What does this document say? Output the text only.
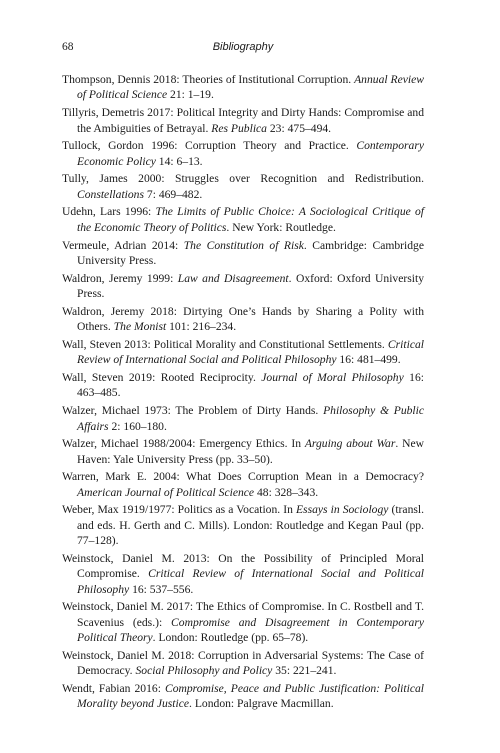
68	Bibliography

Thompson, Dennis 2018: Theories of Institutional Corruption. Annual Review of Political Science 21: 1–19.

Tillyris, Demetris 2017: Political Integrity and Dirty Hands: Compromise and the Ambiguities of Betrayal. Res Publica 23: 475–494.

Tullock, Gordon 1996: Corruption Theory and Practice. Contemporary Economic Policy 14: 6–13.

Tully, James 2000: Struggles over Recognition and Redistribution. Constellations 7: 469–482.

Udehn, Lars 1996: The Limits of Public Choice: A Sociological Critique of the Economic Theory of Politics. New York: Routledge.

Vermeule, Adrian 2014: The Constitution of Risk. Cambridge: Cambridge University Press.

Waldron, Jeremy 1999: Law and Disagreement. Oxford: Oxford University Press.

Waldron, Jeremy 2018: Dirtying One’s Hands by Sharing a Polity with Others. The Monist 101: 216–234.

Wall, Steven 2013: Political Morality and Constitutional Settlements. Critical Review of International Social and Political Philosophy 16: 481–499.

Wall, Steven 2019: Rooted Reciprocity. Journal of Moral Philosophy 16: 463–485.

Walzer, Michael 1973: The Problem of Dirty Hands. Philosophy & Public Affairs 2: 160–180.

Walzer, Michael 1988/2004: Emergency Ethics. In Arguing about War. New Haven: Yale University Press (pp. 33–50).

Warren, Mark E. 2004: What Does Corruption Mean in a Democracy? American Journal of Political Science 48: 328–343.

Weber, Max 1919/1977: Politics as a Vocation. In Essays in Sociology (transl. and eds. H. Gerth and C. Mills). London: Routledge and Kegan Paul (pp. 77–128).

Weinstock, Daniel M. 2013: On the Possibility of Principled Moral Compromise. Critical Review of International Social and Political Philosophy 16: 537–556.

Weinstock, Daniel M. 2017: The Ethics of Compromise. In C. Rostbell and T. Scavenius (eds.): Compromise and Disagreement in Contemporary Political Theory. London: Routledge (pp. 65–78).

Weinstock, Daniel M. 2018: Corruption in Adversarial Systems: The Case of Democracy. Social Philosophy and Policy 35: 221–241.

Wendt, Fabian 2016: Compromise, Peace and Public Justification: Political Morality beyond Justice. London: Palgrave Macmillan.
